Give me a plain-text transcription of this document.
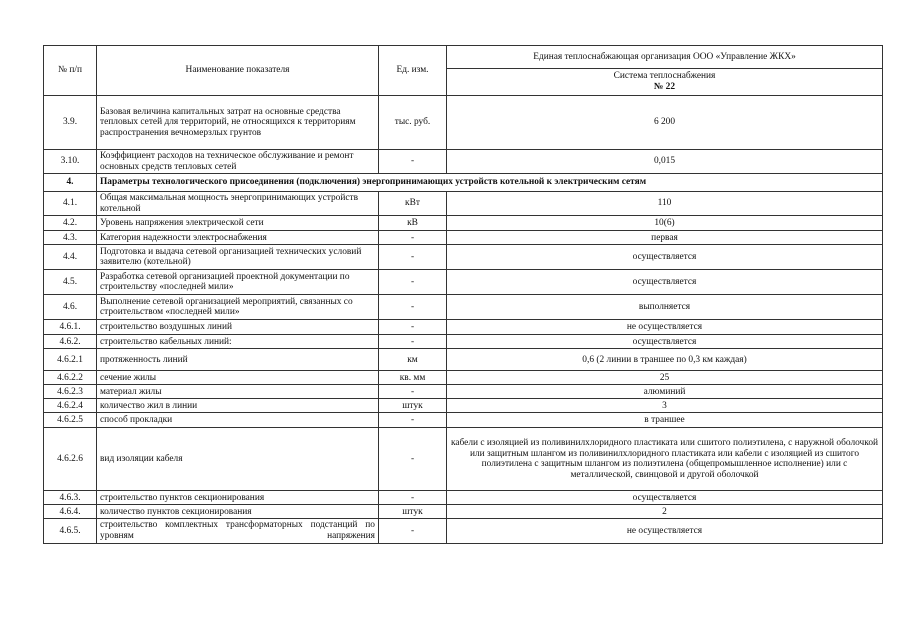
№ п/п	Наименование показателя	Ед. изм.	Единая теплоснабжающая организация ООО «Управление ЖКХ»

			Система теплоснабжения
№ 22

3.9.	Базовая величина капитальных затрат на основные средства тепловых сетей для территорий, не относящихся к территориям распространения вечномерзлых грунтов	тыс. руб.	6 200
3.10.	Коэффициент расходов на техническое обслуживание и ремонт основных средств тепловых сетей	-	0,015
4.	Параметры технологического присоединения (подключения) энергопринимающих устройств котельной к электрическим сетям		
4.1.	Общая максимальная мощность энергопринимающих устройств котельной	кВт	110
4.2.	Уровень напряжения электрической сети	кВ	10(6)
4.3.	Категория надежности электроснабжения	-	первая
4.4.	Подготовка и выдача сетевой организацией технических условий заявителю (котельной)	-	осуществляется
4.5.	Разработка сетевой организацией проектной документации по строительству «последней мили»	-	осуществляется
4.6.	Выполнение сетевой организацией мероприятий, связанных со строительством «последней мили»	-	выполняется
4.6.1.	строительство воздушных линий	-	не осуществляется
4.6.2.	строительство кабельных линий:	-	осуществляется
4.6.2.1	протяженность линий	км	0,6 (2 линии в траншее по 0,3 км каждая)
4.6.2.2	сечение жилы	кв. мм	25
4.6.2.3	материал жилы	-	алюминий
4.6.2.4	количество жил в линии	штук	3
4.6.2.5	способ прокладки	-	в траншее
4.6.2.6	вид изоляции кабеля	-	кабели с изоляцией из поливинилхлоридного пластиката или сшитого полиэтилена, с наружной оболочкой или защитным шлангом из поливинилхлоридного пластиката или кабели с изоляцией из сшитого полиэтилена с защитным шлангом из полиэтилена (общепромышленное исполнение) или с металлической, свинцовой и другой оболочкой
4.6.3.	строительство пунктов секционирования	-	осуществляется
4.6.4.	количество пунктов секционирования	штук	2
4.6.5.	строительство комплектных трансформаторных подстанций по уровням напряжения	-	не осуществляется
